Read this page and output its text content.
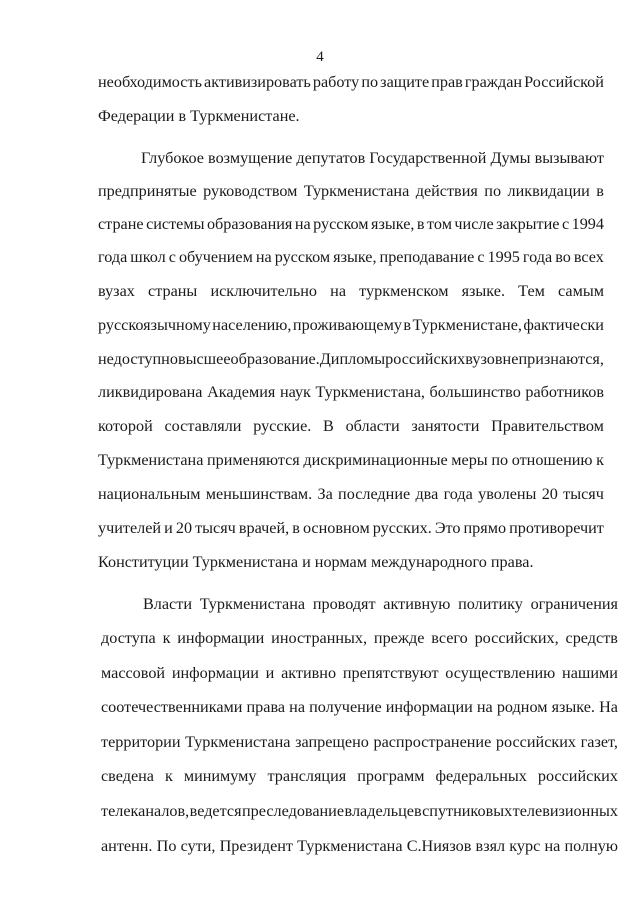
4
необходимость активизировать работу по защите прав граждан Российской
Федерации в Туркменистане.
Глубокое возмущение депутатов Государственной Думы вызывают
предпринятые руководством Туркменистана действия по ликвидации в
стране системы образования на русском языке, в том числе закрытие с 1994
года школ с обучением на русском языке, преподавание с 1995 года во всех
вузах страны исключительно на туркменском языке. Тем самым
русскоязычному населению, проживающему в Туркменистане, фактически
недоступно высшее образование. Дипломы российских вузов не признаются,
ликвидирована Академия наук Туркменистана, большинство работников
которой составляли русские. В области занятости Правительством
Туркменистана применяются дискриминационные меры по отношению к
национальным меньшинствам. За последние два года уволены 20 тысяч
учителей и 20 тысяч врачей, в основном русских. Это прямо противоречит
Конституции Туркменистана и нормам международного права.
Власти Туркменистана проводят активную политику ограничения
доступа к информации иностранных, прежде всего российских, средств
массовой информации и активно препятствуют осуществлению нашими
соотечественниками права на получение информации на родном языке. На
территории Туркменистана запрещено распространение российских газет,
сведена к минимуму трансляция программ федеральных российских
телеканалов, ведется преследование владельцев спутниковых телевизионных
антенн. По сути, Президент Туркменистана С.Ниязов взял курс на полную
